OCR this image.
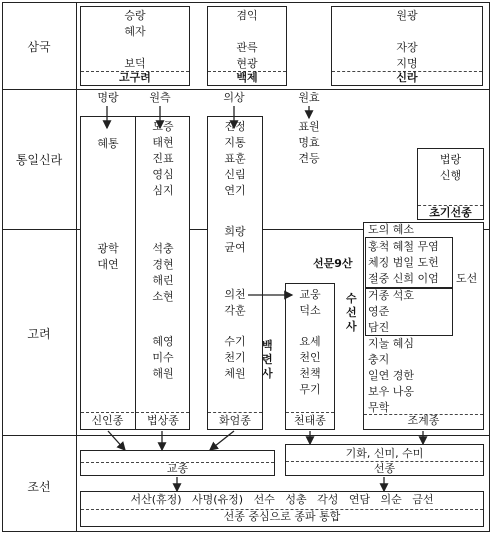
삼국
통일신라
고려
조선
승랑
혜자
보덕
고구려
겸익
관륵
현광
백제
원광
자장
지명
신라
명랑	원측	의상	원효
혜통
도증
태현
진표
영심
심지
진정
지통
표훈
신림
연기
표원
명효
견등	법랑
신행
초기선종
광학
대연
석충
경현
해린
소현
혜영
미수
해원
희랑
균여
의천
각훈
수기
천기
체원
교웅
덕소
요세
천인
천책
무기
백련사
도의 혜소
홍척 혜철 무염
체징 범일 도헌
절중 신희 이엄 도선
거종 석호
영준
담진
지눌 혜심
충지
일연 경한
보우 나옹
무학
선문9산
수선사
신인종	법상종	화엄종	천태종	조계종
교종
기화, 신미, 수미
선종
서산(휴정)   사명(유정)   선수   성총   각성   연담   의순   금선
선종 중심으로 종파 통합
